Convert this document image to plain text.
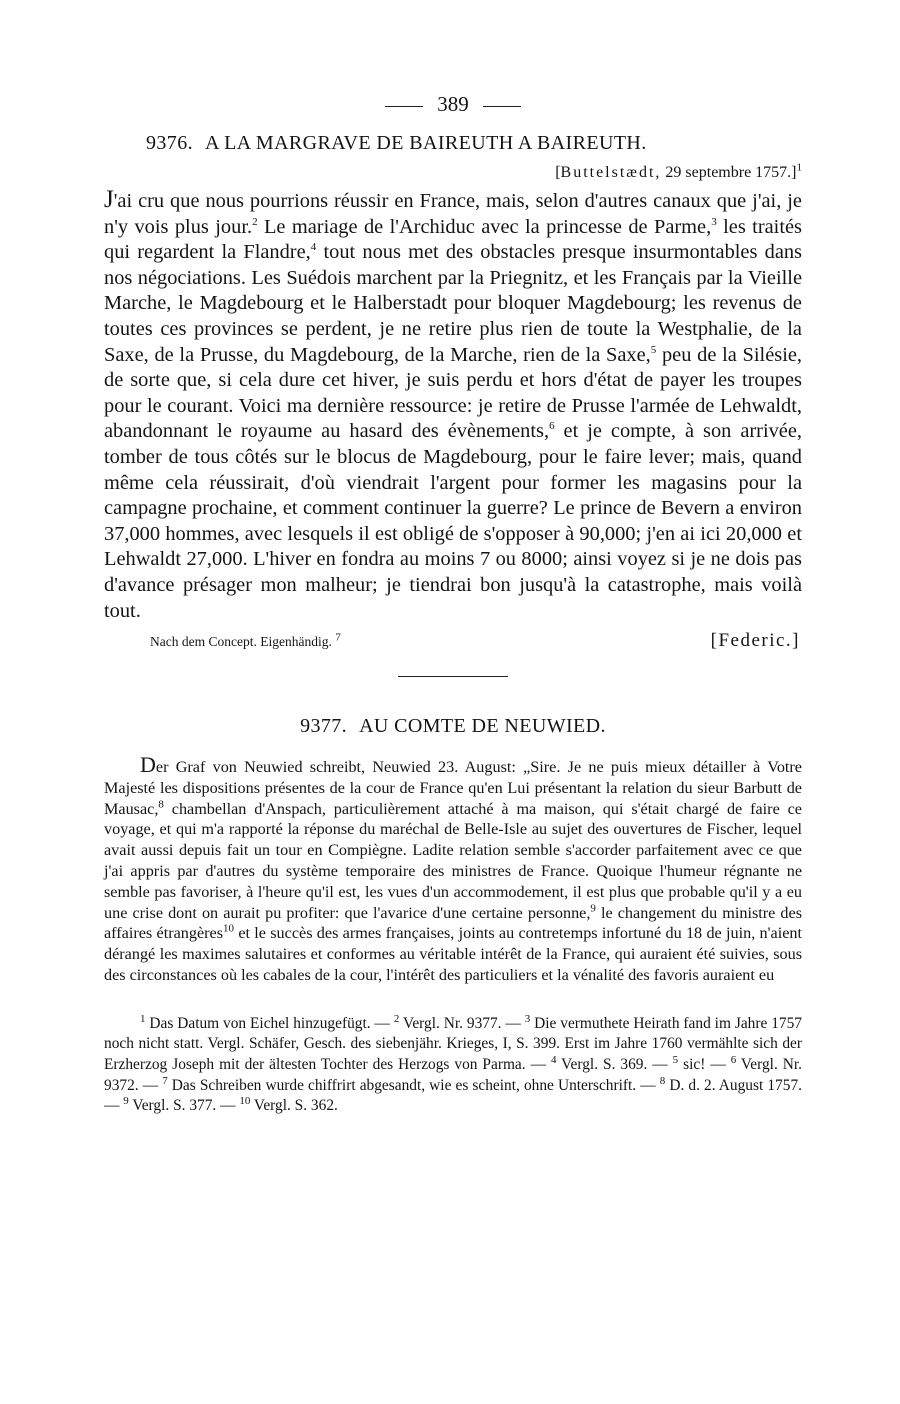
389
9376. A LA MARGRAVE DE BAIREUTH A BAIREUTH.
[Buttelstædt, 29 septembre 1757.]$^1$

J'ai cru que nous pourrions réussir en France, mais, selon d'autres canaux que j'ai, je n'y vois plus jour.$^2$ Le mariage de l'Archiduc avec la princesse de Parme,$^3$ les traités qui regardent la Flandre,$^4$ tout nous met des obstacles presque insurmontables dans nos négociations. Les Suédois marchent par la Priegnitz, et les Français par la Vieille Marche, le Magdebourg et le Halberstadt pour bloquer Magdebourg; les revenus de toutes ces provinces se perdent, je ne retire plus rien de toute la Westphalie, de la Saxe, de la Prusse, du Magdebourg, de la Marche, rien de la Saxe,$^5$ peu de la Silésie, de sorte que, si cela dure cet hiver, je suis perdu et hors d'état de payer les troupes pour le courant. Voici ma dernière ressource: je retire de Prusse l'armée de Lehwaldt, abandonnant le royaume au hasard des évènements,$^6$ et je compte, à son arrivée, tomber de tous côtés sur le blocus de Magdebourg, pour le faire lever; mais, quand même cela réussirait, d'où viendrait l'argent pour former les magasins pour la campagne prochaine, et comment continuer la guerre? Le prince de Bevern a environ 37,000 hommes, avec lesquels il est obligé de s'opposer à 90,000; j'en ai ici 20,000 et Lehwaldt 27,000. L'hiver en fondra au moins 7 ou 8000; ainsi voyez si je ne dois pas d'avance présager mon malheur; je tiendrai bon jusqu'à la catastrophe, mais voilà tout.

Nach dem Concept. Eigenhändig. $^7$	[Federic.]
9377. AU COMTE DE NEUWIED.

Der Graf von Neuwied schreibt, Neuwied 23. August: „Sire. Je ne puis mieux détailler à Votre Majesté les dispositions présentes de la cour de France qu'en Lui présentant la relation du sieur Barbutt de Mausac,$^8$ chambellan d'Anspach, particulièrement attaché à ma maison, qui s'était chargé de faire ce voyage, et qui m'a rapporté la réponse du maréchal de Belle-Isle au sujet des ouvertures de Fischer, lequel avait aussi depuis fait un tour en Compiègne. Ladite relation semble s'accorder parfaitement avec ce que j'ai appris par d'autres du système temporaire des ministres de France. Quoique l'humeur régnante ne semble pas favoriser, à l'heure qu'il est, les vues d'un accommodement, il est plus que probable qu'il y a eu une crise dont on aurait pu profiter: que l'avarice d'une certaine personne,$^9$ le changement du ministre des affaires étrangères$^{10}$ et le succès des armes françaises, joints au contretemps infortuné du 18 de juin, n'aient dérangé les maximes salutaires et conformes au véritable intérêt de la France, qui auraient été suivies, sous des circonstances où les cabales de la cour, l'intérêt des particuliers et la vénalité des favoris auraient eu

$^1$ Das Datum von Eichel hinzugefügt. — $^2$ Vergl. Nr. 9377. — $^3$ Die vermuthete Heirath fand im Jahre 1757 noch nicht statt. Vergl. Schäfer, Gesch. des siebenjähr. Krieges, I, S. 399. Erst im Jahre 1760 vermählte sich der Erzherzog Joseph mit der ältesten Tochter des Herzogs von Parma. — $^4$ Vergl. S. 369. — $^5$ sic! — $^6$ Vergl. Nr. 9372. — $^7$ Das Schreiben wurde chiffrirt abgesandt, wie es scheint, ohne Unterschrift. — $^8$ D. d. 2. August 1757. — $^9$ Vergl. S. 377. — $^{10}$ Vergl. S. 362.
